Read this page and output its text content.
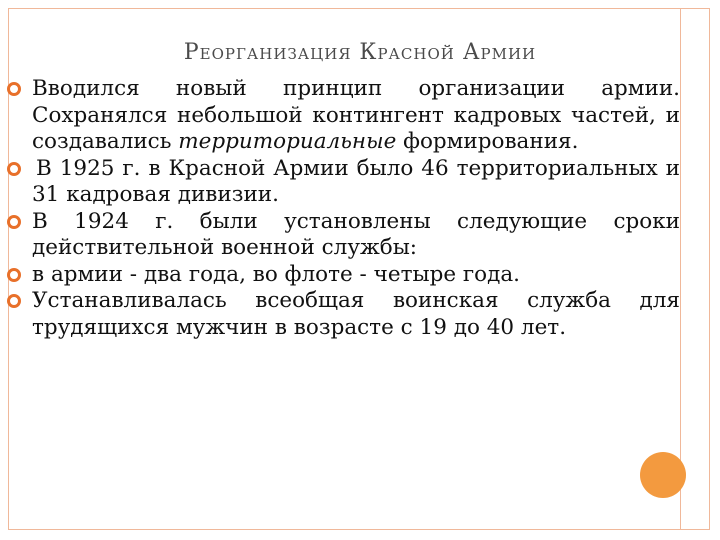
Реорганизация Красной Армии

Вводился новый принцип организации армии. Сохранялся небольшой контингент кадровых частей, и создавались территориальные формирования.

В 1925 г. в Красной Армии было 46 территориальных и 31 кадровая дивизии.

В 1924 г. были установлены следующие сроки действительной военной службы:

в армии - два года, во флоте - четыре года.

Устанавливалась всеобщая воинская служба для трудящихся мужчин в возрасте с 19 до 40 лет.
